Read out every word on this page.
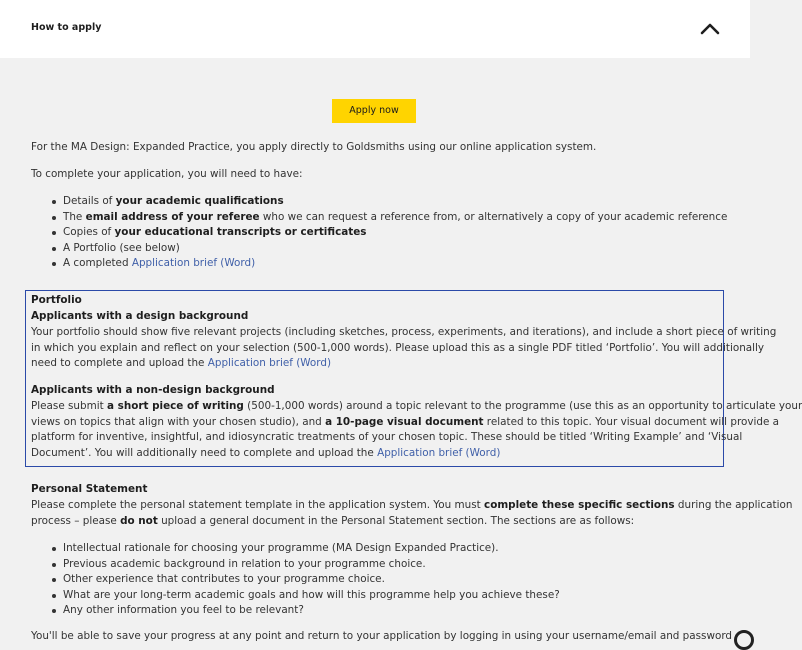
How to apply
Apply now

For the MA Design: Expanded Practice, you apply directly to Goldsmiths using our online application system.

To complete your application, you will need to have:

Details of your academic qualifications
The email address of your referee who we can request a reference from, or alternatively a copy of your academic reference
Copies of your educational transcripts or certificates
A Portfolio (see below)
A completed Application brief (Word)
Portfolio
Applicants with a design background
Your portfolio should show five relevant projects (including sketches, process, experiments, and iterations), and include a short piece of writing
in which you explain and reflect on your selection (500-1,000 words). Please upload this as a single PDF titled ‘Portfolio’. You will additionally
need to complete and upload the Application brief (Word)
Applicants with a non-design background
Please submit a short piece of writing (500-1,000 words) around a topic relevant to the programme (use this as an opportunity to articulate your
views on topics that align with your chosen studio), and a 10-page visual document related to this topic. Your visual document will provide a
platform for inventive, insightful, and idiosyncratic treatments of your chosen topic. These should be titled ‘Writing Example’ and ‘Visual
Document’. You will additionally need to complete and upload the Application brief (Word)
Personal Statement
Please complete the personal statement template in the application system. You must complete these specific sections during the application
process – please do not upload a general document in the Personal Statement section. The sections are as follows:
Intellectual rationale for choosing your programme (MA Design Expanded Practice).
Previous academic background in relation to your programme choice.
Other experience that contributes to your programme choice.
What are your long-term academic goals and how will this programme help you achieve these?
Any other information you feel to be relevant?

You'll be able to save your progress at any point and return to your application by logging in using your username/email and password
